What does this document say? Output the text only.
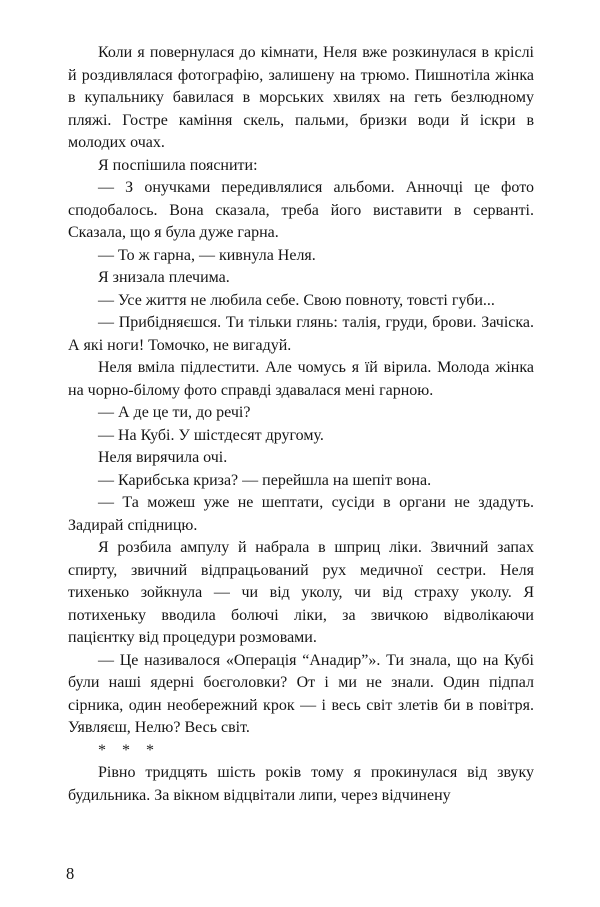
Коли я повернулася до кімнати, Неля вже розкинулася в кріслі й роздивлялася фотографію, залишену на трюмо. Пишнотіла жінка в купальнику бавилася в морських хвилях на геть безлюдному пляжі. Гостре каміння скель, пальми, бризки води й іскри в молодих очах.

Я поспішила пояснити:

— З онучками передивлялися альбоми. Анночці це фото сподобалось. Вона сказала, треба його виставити в серванті. Сказала, що я була дуже гарна.

— То ж гарна, — кивнула Неля.

Я знизала плечима.

— Усе життя не любила себе. Свою повноту, товсті губи...

— Прибідняєшся. Ти тільки глянь: талія, груди, брови. Зачіска. А які ноги! Томочко, не вигадуй.

Неля вміла підлестити. Але чомусь я їй вірила. Молода жінка на чорно-білому фото справді здавалася мені гарною.

— А де це ти, до речі?

— На Кубі. У шістдесят другому.

Неля вирячила очі.

— Карибська криза? — перейшла на шепіт вона.

— Та можеш уже не шептати, сусіди в органи не здадуть. Задирай спідницю.

Я розбила ампулу й набрала в шприц ліки. Звичний запах спирту, звичний відпрацьований рух медичної сестри. Неля тихенько зойкнула — чи від уколу, чи від страху уколу. Я потихеньку вводила болючі ліки, за звичкою відволікаючи пацієнтку від процедури розмовами.

— Це називалося «Операція “Анадир”». Ти знала, що на Кубі були наші ядерні боєголовки? От і ми не знали. Один підпал сірника, один необережний крок — і весь світ злетів би в повітря. Уявляєш, Нелю? Весь світ.

* * *

Рівно тридцять шість років тому я прокинулася від звуку будильника. За вікном відцвітали липи, через відчинену

8
